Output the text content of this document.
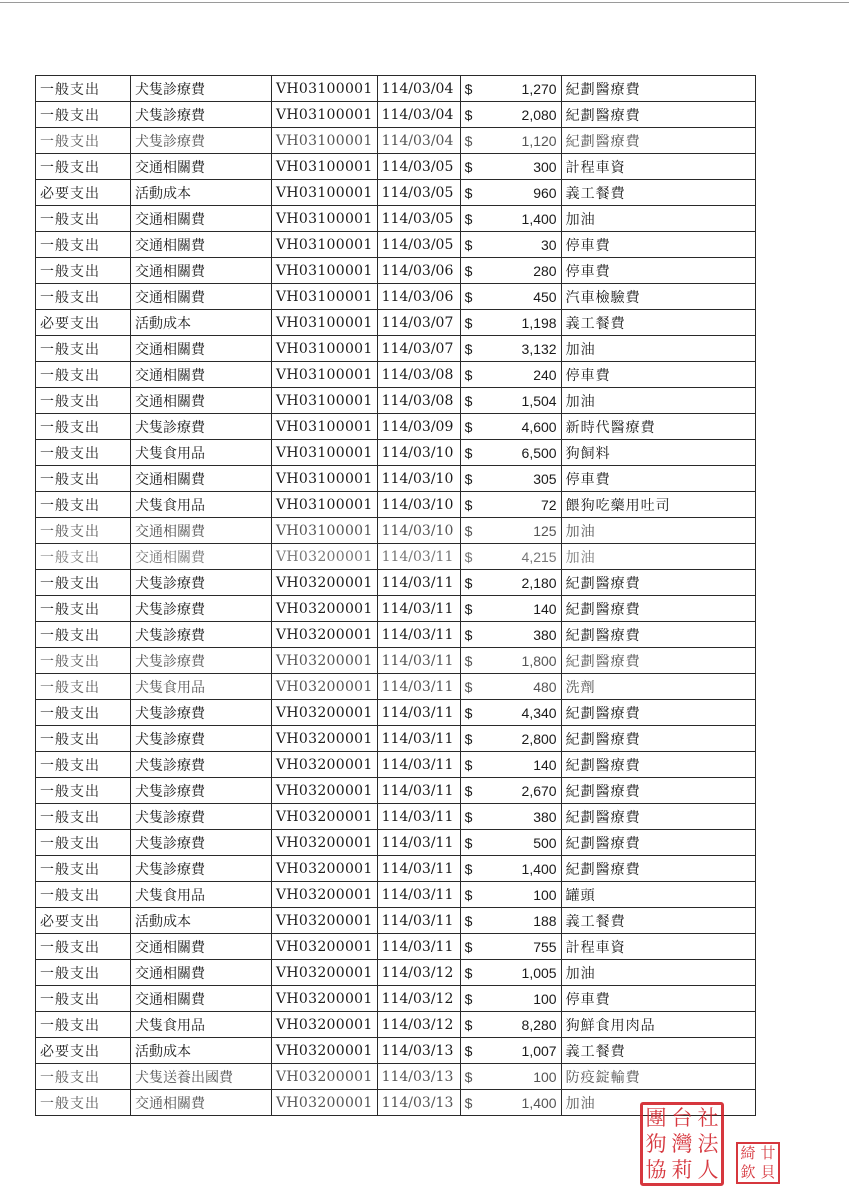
一般支出	犬隻診療費	VH03100001	114/03/04	$	1,270	紀劃醫療費
一般支出	犬隻診療費	VH03100001	114/03/04	$	2,080	紀劃醫療費
一般支出	犬隻診療費	VH03100001	114/03/04	$	1,120	紀劃醫療費
一般支出	交通相關費	VH03100001	114/03/05	$	300	計程車資
必要支出	活動成本	VH03100001	114/03/05	$	960	義工餐費
一般支出	交通相關費	VH03100001	114/03/05	$	1,400	加油
一般支出	交通相關費	VH03100001	114/03/05	$	30	停車費
一般支出	交通相關費	VH03100001	114/03/06	$	280	停車費
一般支出	交通相關費	VH03100001	114/03/06	$	450	汽車檢驗費
必要支出	活動成本	VH03100001	114/03/07	$	1,198	義工餐費
一般支出	交通相關費	VH03100001	114/03/07	$	3,132	加油
一般支出	交通相關費	VH03100001	114/03/08	$	240	停車費
一般支出	交通相關費	VH03100001	114/03/08	$	1,504	加油
一般支出	犬隻診療費	VH03100001	114/03/09	$	4,600	新時代醫療費
一般支出	犬隻食用品	VH03100001	114/03/10	$	6,500	狗飼料
一般支出	交通相關費	VH03100001	114/03/10	$	305	停車費
一般支出	犬隻食用品	VH03100001	114/03/10	$	72	餵狗吃藥用吐司
一般支出	交通相關費	VH03100001	114/03/10	$	125	加油
一般支出	交通相關費	VH03200001	114/03/11	$	4,215	加油
一般支出	犬隻診療費	VH03200001	114/03/11	$	2,180	紀劃醫療費
一般支出	犬隻診療費	VH03200001	114/03/11	$	140	紀劃醫療費
一般支出	犬隻診療費	VH03200001	114/03/11	$	380	紀劃醫療費
一般支出	犬隻診療費	VH03200001	114/03/11	$	1,800	紀劃醫療費
一般支出	犬隻食用品	VH03200001	114/03/11	$	480	洗劑
一般支出	犬隻診療費	VH03200001	114/03/11	$	4,340	紀劃醫療費
一般支出	犬隻診療費	VH03200001	114/03/11	$	2,800	紀劃醫療費
一般支出	犬隻診療費	VH03200001	114/03/11	$	140	紀劃醫療費
一般支出	犬隻診療費	VH03200001	114/03/11	$	2,670	紀劃醫療費
一般支出	犬隻診療費	VH03200001	114/03/11	$	380	紀劃醫療費
一般支出	犬隻診療費	VH03200001	114/03/11	$	500	紀劃醫療費
一般支出	犬隻診療費	VH03200001	114/03/11	$	1,400	紀劃醫療費
一般支出	犬隻食用品	VH03200001	114/03/11	$	100	罐頭
必要支出	活動成本	VH03200001	114/03/11	$	188	義工餐費
一般支出	交通相關費	VH03200001	114/03/11	$	755	計程車資
一般支出	交通相關費	VH03200001	114/03/12	$	1,005	加油
一般支出	交通相關費	VH03200001	114/03/12	$	100	停車費
一般支出	犬隻食用品	VH03200001	114/03/12	$	8,280	狗鮮食用肉品
必要支出	活動成本	VH03200001	114/03/13	$	1,007	義工餐費
一般支出	犬隻送養出國費	VH03200001	114/03/13	$	100	防疫錠輸費
一般支出	交通相關費	VH03200001	114/03/13	$	1,400	加油
團 台 社
狗 灣 法
協 莉 人
綺 廿
欽 貝
